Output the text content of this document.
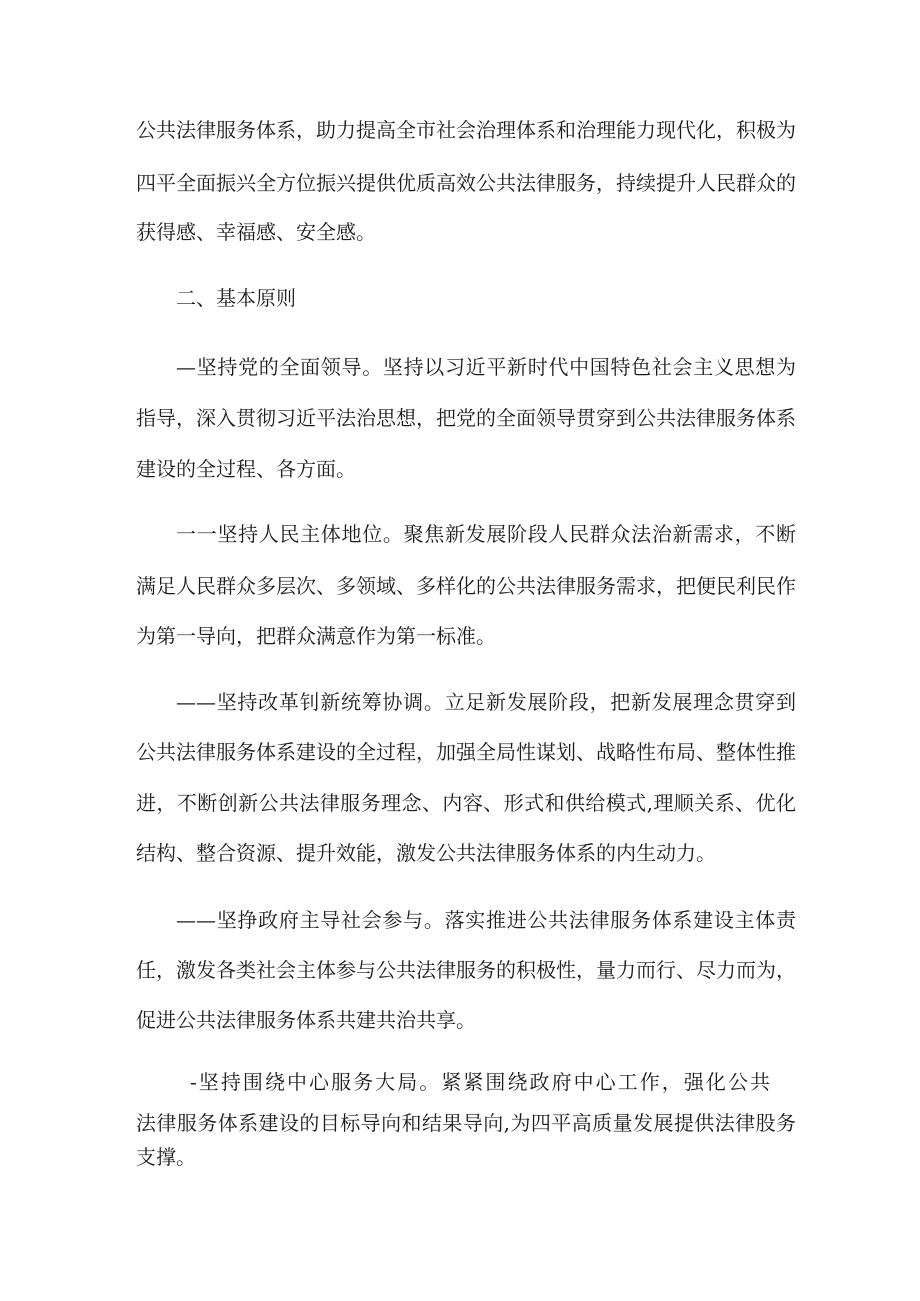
公共法律服务体系，助力提高全市社会治理体系和治理能力现代化，积极为
四平全面振兴全方位振兴提供优质高效公共法律服务，持续提升人民群众的
获得感、幸福感、安全感。
二、基本原则
—坚持党的全面领导。坚持以习近平新时代中国特色社会主义思想为
指导，深入贯彻习近平法治思想，把党的全面领导贯穿到公共法律服务体系
建设的全过程、各方面。
一一坚持人民主体地位。聚焦新发展阶段人民群众法治新需求，不断
满足人民群众多层次、多领域、多样化的公共法律服务需求，把便民利民作
为第一导向，把群众满意作为第一标准。
——坚持改革钊新统筹协调。立足新发展阶段，把新发展理念贯穿到
公共法律服务体系建设的全过程，加强全局性谋划、战略性布局、整体性推
进，不断创新公共法律服务理念、内容、形式和供给模式,理顺关系、优化
结构、整合资源、提升效能，激发公共法律服务体系的内生动力。
——坚挣政府主导社会参与。落实推进公共法律服务体系建设主体责
任，激发各类社会主体参与公共法律服务的积极性，量力而行、尽力而为，
促进公共法律服务体系共建共治共享。
-坚持围绕中心服务大局。紧紧围绕政府中心工作，强化公共
法律服务体系建设的目标导向和结果导向,为四平高质量发展提供法律股务
支撑。
